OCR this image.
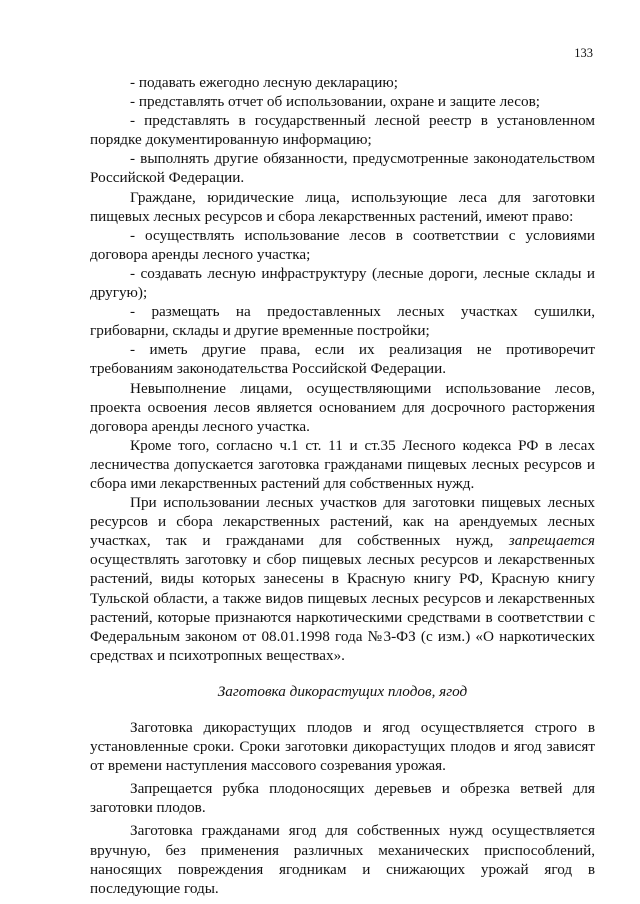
133

- подавать ежегодно лесную декларацию;

- представлять отчет об использовании, охране и защите лесов;

- представлять в государственный лесной реестр в установленном порядке документированную информацию;

- выполнять другие обязанности, предусмотренные законодательством Российской Федерации.

Граждане, юридические лица, использующие леса для заготовки пищевых лесных ресурсов и сбора лекарственных растений, имеют право:

- осуществлять использование лесов в соответствии с условиями договора аренды лесного участка;

- создавать лесную инфраструктуру (лесные дороги, лесные склады и другую);

- размещать на предоставленных лесных участках сушилки, грибоварни, склады и другие временные постройки;

- иметь другие права, если их реализация не противоречит требованиям законодательства Российской Федерации.

Невыполнение лицами, осуществляющими использование лесов, проекта освоения лесов является основанием для досрочного расторжения договора аренды лесного участка.

Кроме того, согласно ч.1 ст. 11 и ст.35 Лесного кодекса РФ в лесах лесничества допускается заготовка гражданами пищевых лесных ресурсов и сбора ими лекарственных растений для собственных нужд.

При использовании лесных участков для заготовки пищевых лесных ресурсов и сбора лекарственных растений, как на арендуемых лесных участках, так и гражданами для собственных нужд, запрещается осуществлять заготовку и сбор пищевых лесных ресурсов и лекарственных растений, виды которых занесены в Красную книгу РФ, Красную книгу Тульской области, а также видов пищевых лесных ресурсов и лекарственных растений, которые признаются наркотическими средствами в соответствии с Федеральным законом от 08.01.1998 года №3-ФЗ (с изм.) «О наркотических средствах и психотропных веществах».

Заготовка дикорастущих плодов, ягод

Заготовка дикорастущих плодов и ягод осуществляется строго в установленные сроки. Сроки заготовки дикорастущих плодов и ягод зависят от времени наступления массового созревания урожая.

Запрещается рубка плодоносящих деревьев и обрезка ветвей для заготовки плодов.

Заготовка гражданами ягод для собственных нужд осуществляется вручную, без применения различных механических приспособлений, наносящих повреждения ягодникам и снижающих урожай ягод в последующие годы.
